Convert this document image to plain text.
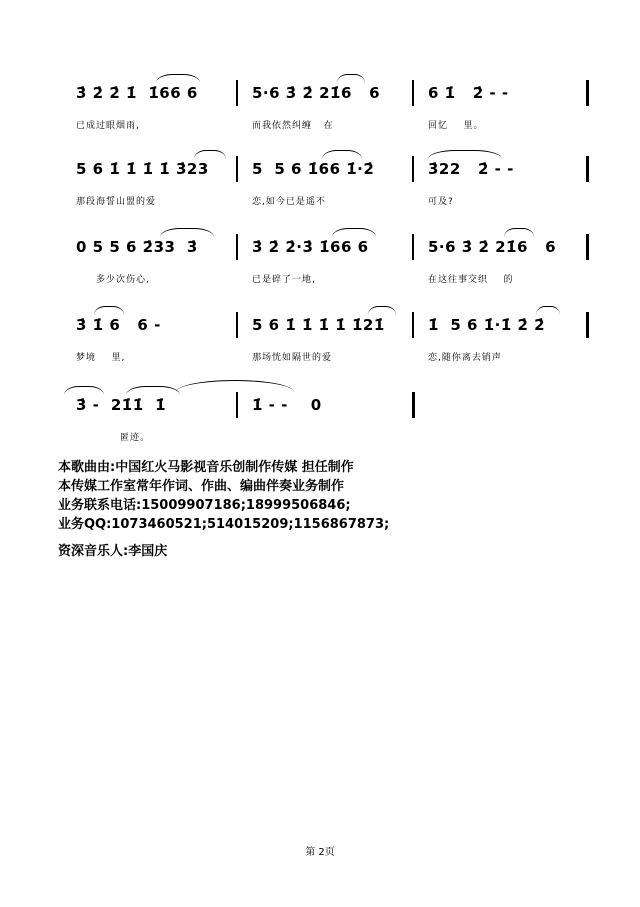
3̇ 2̇ 2̇ 1̇  1̇66 6
已成过眼烟雨,
5·6 3̇ 2̇ 21̇6   6
而我依然纠缠   在
6 1̇   2̇ - -
回忆    里。
5 6 1̇ 1̇ 1̇ 1̇ 3̇23
那段海誓山盟的爱
5  5 6 1̇66 1̇·2̇
恋,如今已是遥不
3̇22   2̇ - -
可及?
0 5 5 6 2̇33  3̇
多少次伤心,
3̇ 2̇ 2̇·3̇ 1̇66 6
已是碎了一地,
5·6 3̇ 2̇ 21̇6   6
在这往事交织    的
3̇ 1̇ 6   6 -
梦境    里,
5 6 1̇ 1̇ 1̇ 1̇ 1̇21̇
那场恍如隔世的爱
1̇  5 6 1̇·1̇ 2̇ 2̇
恋,随你离去销声
3̇ -  21̇1̇  1̇
匿迹。
1̇ - -    0
本歌曲由:中国红火马影视音乐创制作传媒 担任制作
本传媒工作室常年作词、作曲、编曲伴奏业务制作
业务联系电话:15009907186;18999506846;
业务QQ:1073460521;514015209;1156867873;
资深音乐人:李国庆
第 2页
